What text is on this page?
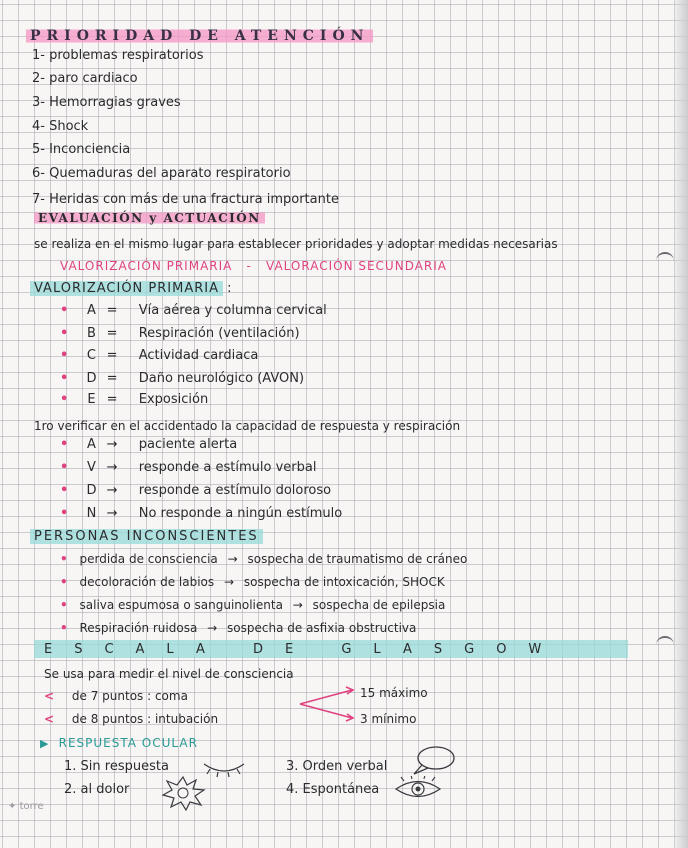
PRIORIDAD DE ATENCIÓN
1- problemas respiratorios
2- paro cardiaco
3- Hemorragias graves
4- Shock
5- Inconciencia
6- Quemaduras del aparato respiratorio
7- Heridas con más de una fractura importante
EVALUACIÓN y ACTUACIÓN
se realiza en el mismo lugar para establecer prioridades y adoptar medidas necesarias
VALORIZACIÓN PRIMARIA - VALORACIÓN SECUNDARIA
VALORIZACIÓN PRIMARIA :
• A = Vía aérea y columna cervical
• B = Respiración (ventilación)
• C = Actividad cardiaca
• D = Daño neurológico (AVON)
• E = Exposición
1ro verificar en el accidentado la capacidad de respuesta y respiración
• A → paciente alerta
• V → responde a estímulo verbal
• D → responde a estímulo doloroso
• N → No responde a ningún estímulo
PERSONAS INCONSCIENTES
• perdida de consciencia → sospecha de traumatismo de cráneo
• decoloración de labios → sospecha de intoxicación, SHOCK
• saliva espumosa o sanguinolienta → sospecha de epilepsia
• Respiración ruidosa → sospecha de asfixia obstructiva
ESCALA DE GLASGOW
Se usa para medir el nivel de consciencia
< de 7 puntos : coma
< de 8 puntos : intubación
15 máximo
3 mínimo
▶ RESPUESTA OCULAR
1. Sin respuesta
2. al dolor
3. Orden verbal
4. Espontánea
✦ torre
